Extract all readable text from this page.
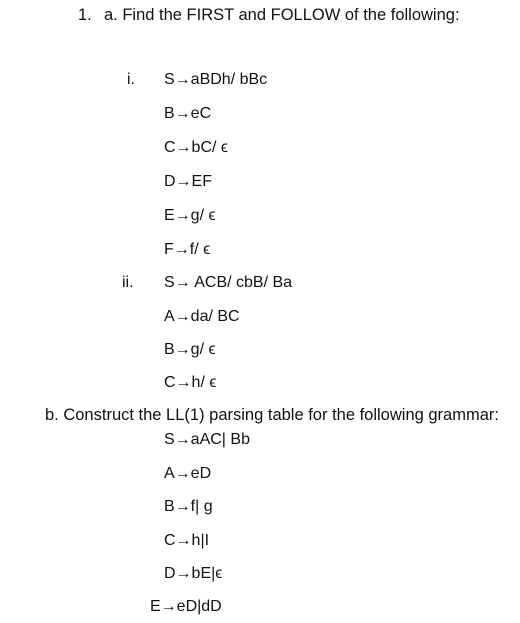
1. a. Find the FIRST and FOLLOW of the following:

i. S→aBDh/ bBc

B→eC

C→bC/ ϵ

D→EF

E→g/ ϵ

F→f/ ϵ

ii. S→ ACB/ cbB/ Ba

A→da/ BC

B→g/ ϵ

C→h/ ϵ

b. Construct the LL(1) parsing table for the following grammar:

S→aAC| Bb

A→eD

B→f| g

C→h|I

D→bE|ϵ

E→eD|dD
